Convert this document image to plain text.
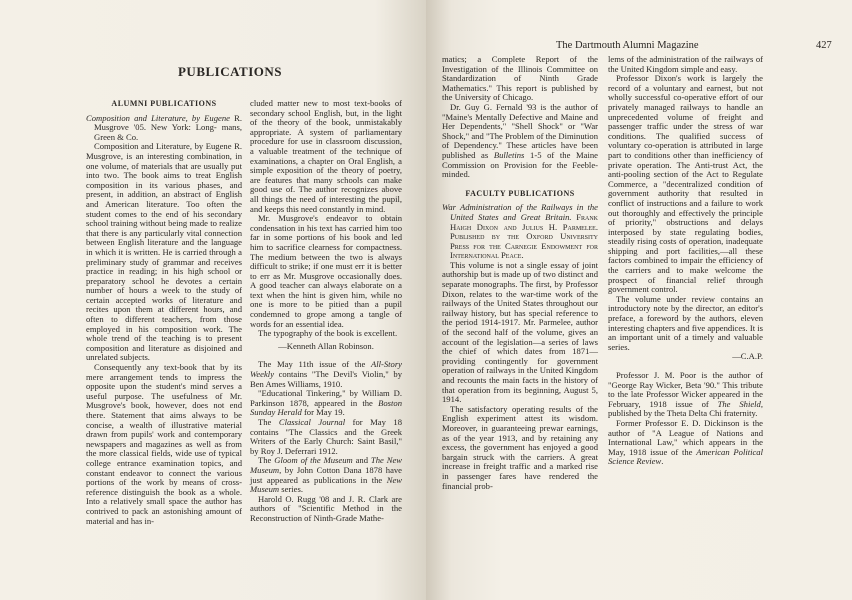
PUBLICATIONS
ALUMNI PUBLICATIONS

Composition and Literature, by Eugene R. Musgrove '05. New York: Long- mans, Green & Co.

Composition and Literature, by Eugene R. Musgrove, is an interesting combination, in one volume, of materials that are usually put into two. The book aims to treat English composition in its various phases, and present, in addition, an abstract of English and American literature. Too often the student comes to the end of his secondary school training without being made to realize that there is any particularly vital connection between English literature and the language in which it is written. He is carried through a preliminary study of grammar and receives practice in reading; in his high school or preparatory school he devotes a certain number of hours a week to the study of certain accepted works of literature and recites upon them at different hours, and often to different teachers, from those employed in his composition work. The whole trend of the teaching is to present composition and literature as disjoined and unrelated subjects.

Consequently any text-book that by its mere arrangement tends to impress the opposite upon the student's mind serves a useful purpose. The usefulness of Mr. Musgrove's book, however, does not end there. Statement that aims always to be concise, a wealth of illustrative material drawn from pupils' work and contemporary newspapers and magazines as well as from the more classical fields, wide use of typical college entrance examination topics, and constant endeavor to connect the various portions of the work by means of cross-reference distinguish the book as a whole. Into a relatively small space the author has contrived to pack an astonishing amount of material and has in-

cluded matter new to most text-books of secondary school English, but, in the light of the theory of the book, unmistakably appropriate. A system of parliamentary procedure for use in classroom discussion, a valuable treatment of the technique of examinations, a chapter on Oral English, a simple exposition of the theory of poetry, are features that many schools can make good use of. The author recognizes above all things the need of interesting the pupil, and keeps this need constantly in mind.

Mr. Musgrove's endeavor to obtain condensation in his text has carried him too far in some portions of his book and led him to sacrifice clearness for compactness. The medium between the two is always difficult to strike; if one must err it is better to err as Mr. Musgrove occasionally does. A good teacher can always elaborate on a text when the hint is given him, while no one is more to be pitied than a pupil condemned to grope among a tangle of words for an essential idea.

The typography of the book is excellent.

—Kenneth Allan Robinson.

The May 11th issue of the All-Story Weekly contains "The Devil's Violin," by Ben Ames Williams, 1910.

"Educational Tinkering," by William D. Parkinson 1878, appeared in the Boston Sunday Herald for May 19.

The Classical Journal for May 18 contains "The Classics and the Greek Writers of the Early Church: Saint Basil," by Roy J. Deferrari 1912.

The Gloom of the Museum and The New Museum, by John Cotton Dana 1878 have just appeared as publications in the New Museum series.

Harold O. Rugg '08 and J. R. Clark are authors of "Scientific Method in the Reconstruction of Ninth-Grade Mathe-

The Dartmouth Alumni Magazine	427

matics; a Complete Report of the Investigation of the Illinois Committee on Standardization of Ninth Grade Mathematics." This report is published by the University of Chicago.

Dr. Guy G. Fernald '93 is the author of "Maine's Mentally Defective and Maine and Her Dependents," "Shell Shock" or "War Shock," and "The Problem of the Diminution of Dependency." These articles have been published as Bulletins 1-5 of the Maine Commission on Provision for the Feeble-minded.

FACULTY PUBLICATIONS

War Administration of the Railways in the United States and Great Britain. Frank Haigh Dixon and Julius H. Parmelee. Published by the Oxford University Press for the Carnegie Endowment for International Peace.

This volume is not a single essay of joint authorship but is made up of two distinct and separate monographs. The first, by Professor Dixon, relates to the war-time work of the railways of the United States throughout our railway history, but has special reference to the period 1914-1917. Mr. Parmelee, author of the second half of the volume, gives an account of the legislation—a series of laws the chief of which dates from 1871—providing contingently for government operation of railways in the United Kingdom and recounts the main facts in the history of that operation from its beginning, August 5, 1914.

The satisfactory operating results of the English experiment attest its wisdom. Moreover, in guaranteeing prewar earnings, as of the year 1913, and by retaining any excess, the government has enjoyed a good bargain struck with the carriers. A great increase in freight traffic and a marked rise in passenger fares have rendered the financial prob-

lems of the administration of the railways of the United Kingdom simple and easy.

Professor Dixon's work is largely the record of a voluntary and earnest, but not wholly successful co-operative effort of our privately managed railways to handle an unprecedented volume of freight and passenger traffic under the stress of war conditions. The qualified success of voluntary co-operation is attributed in large part to conditions other than inefficiency of private operation. The Anti-trust Act, the anti-pooling section of the Act to Regulate Commerce, a "decentralized condition of government authority that resulted in conflict of instructions and a failure to work out thoroughly and effectively the principle of priority," obstructions and delays interposed by state regulating bodies, steadily rising costs of operation, inadequate shipping and port facilities,—all these factors combined to impair the efficiency of the carriers and to make welcome the prospect of financial relief through government control.

The volume under review contains an introductory note by the director, an editor's preface, a foreword by the authors, eleven interesting chapters and five appendices. It is an important unit of a timely and valuable series.

—C.A.P.

Professor J. M. Poor is the author of "George Ray Wicker, Beta '90." This tribute to the late Professor Wicker appeared in the February, 1918 issue of The Shield, published by the Theta Delta Chi fraternity.

Former Professor E. D. Dickinson is the author of "A League of Nations and International Law," which appears in the May, 1918 issue of the American Political Science Review.
